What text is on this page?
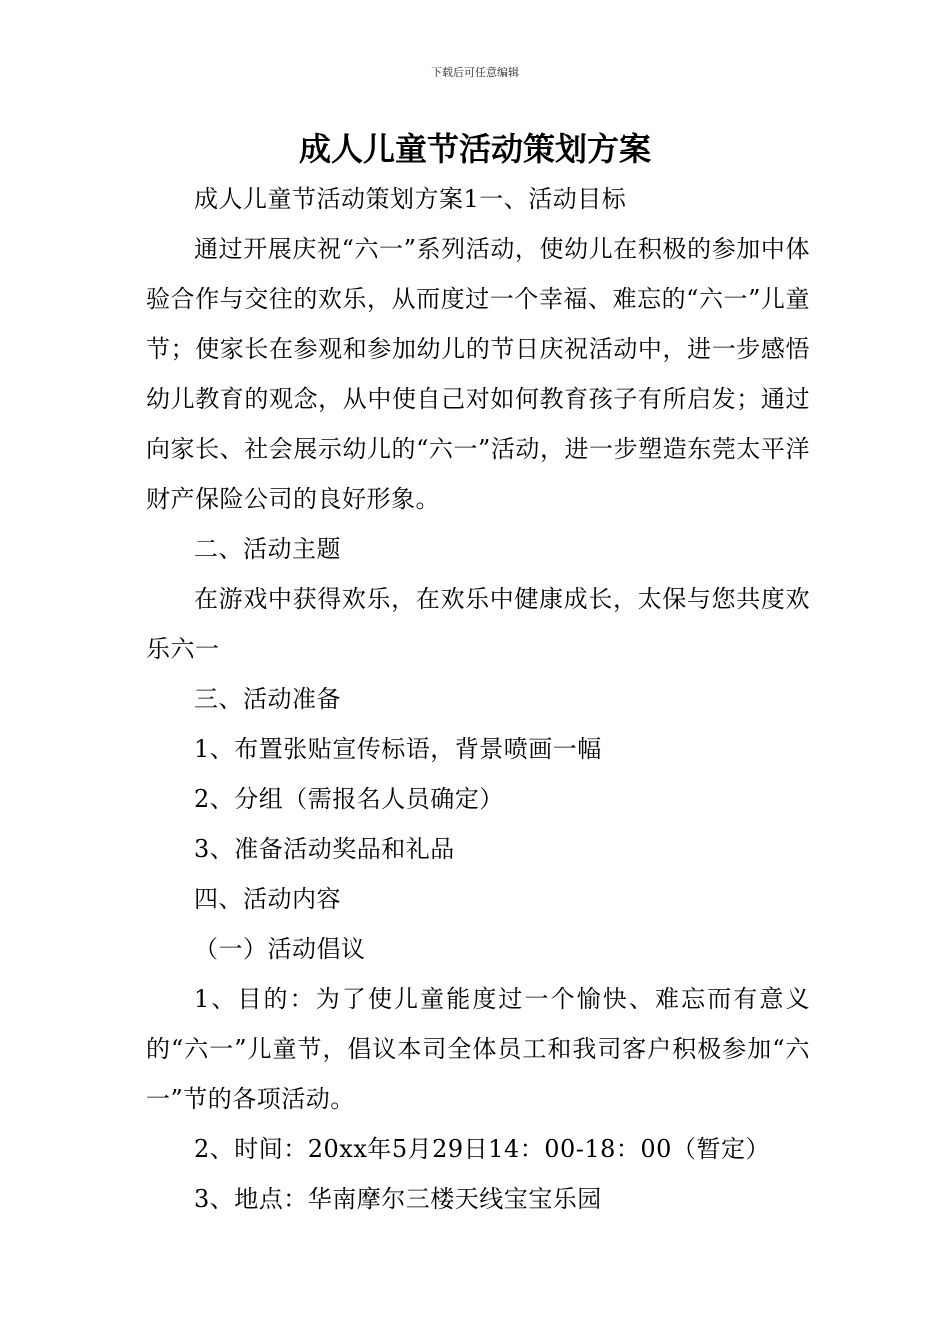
下载后可任意编辑
成人儿童节活动策划方案

成人儿童节活动策划方案1一、活动目标

通过开展庆祝“六一”系列活动，使幼儿在积极的参加中体验合作与交往的欢乐，从而度过一个幸福、难忘的“六一”儿童节；使家长在参观和参加幼儿的节日庆祝活动中，进一步感悟幼儿教育的观念，从中使自己对如何教育孩子有所启发；通过向家长、社会展示幼儿的“六一”活动，进一步塑造东莞太平洋财产保险公司的良好形象。

二、活动主题

在游戏中获得欢乐，在欢乐中健康成长，太保与您共度欢乐六一

三、活动准备

1、布置张贴宣传标语，背景喷画一幅

2、分组（需报名人员确定）

3、准备活动奖品和礼品

四、活动内容

（一）活动倡议

1、目的：为了使儿童能度过一个愉快、难忘而有意义的“六一”儿童节，倡议本司全体员工和我司客户积极参加“六一”节的各项活动。

2、时间：20xx年5月29日14：00-18：00（暂定）

3、地点：华南摩尔三楼天线宝宝乐园
